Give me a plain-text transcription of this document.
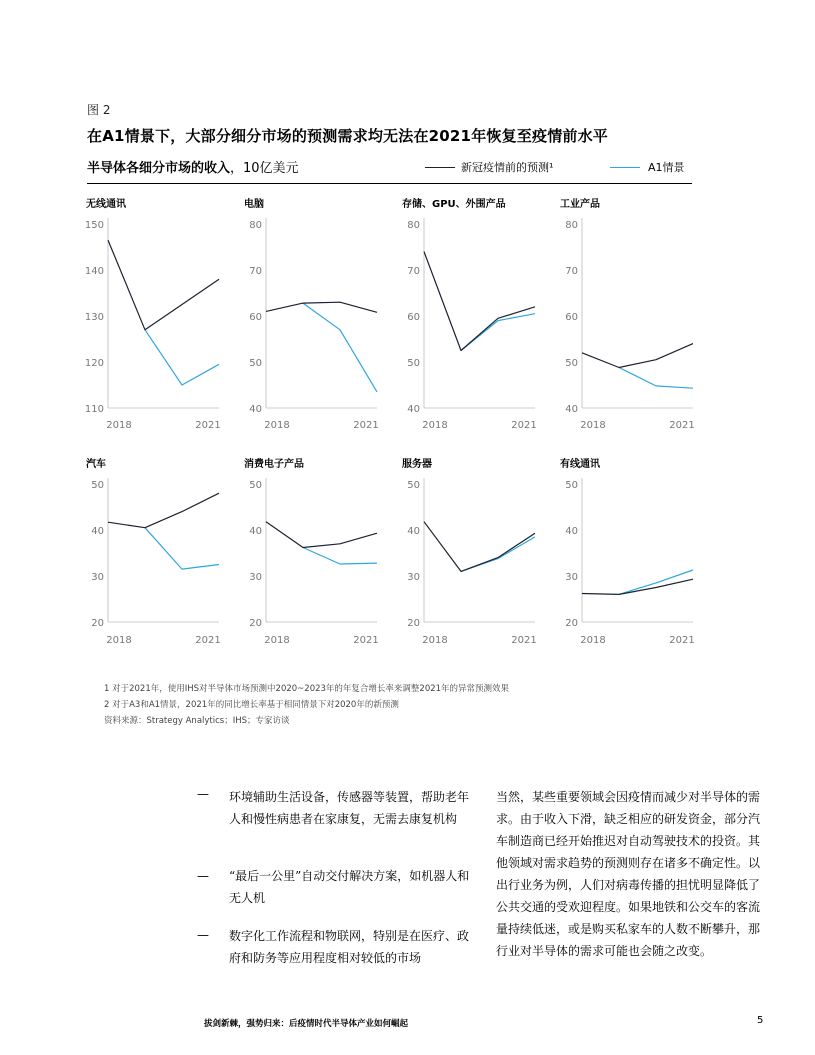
图 2
在A1情景下，大部分细分市场的预测需求均无法在2021年恢复至疫情前水平
半导体各细分市场的收入，10亿美元	新冠疫情前的预测¹	A1情景
无线通讯
150
140
130
120
110
2018	2021
电脑
80
70
60
50
40
2018	2021
存储、GPU、外围产品
80
70
60
50
40
2018	2021
工业产品
80
70
60
50
40
2018	2021
汽车
50
40
30
20
2018	2021
消费电子产品
50
40
30
20
2018	2021
服务器
50
40
30
20
2018	2021
有线通讯
50
40
30
20
2018	2021
1 对于2021年，使用IHS对半导体市场预测中2020~2023年的年复合增长率来调整2021年的异常预测效果
2 对于A3和A1情景，2021年的同比增长率基于相同情景下对2020年的新预测
资料来源：Strategy Analytics；IHS；专家访谈
— 环境辅助生活设备，传感器等装置，帮助老年人和慢性病患者在家康复，无需去康复机构
— “最后一公里”自动交付解决方案，如机器人和无人机
— 数字化工作流程和物联网，特别是在医疗、政府和防务等应用程度相对较低的市场
当然，某些重要领域会因疫情而减少对半导体的需求。由于收入下滑，缺乏相应的研发资金，部分汽车制造商已经开始推迟对自动驾驶技术的投资。其他领域对需求趋势的预测则存在诸多不确定性。以出行业务为例，人们对病毒传播的担忧明显降低了公共交通的受欢迎程度。如果地铁和公交车的客流量持续低迷，或是购买私家车的人数不断攀升，那行业对半导体的需求可能也会随之改变。
拔剑新棘，强势归来：后疫情时代半导体产业如何崛起	5
